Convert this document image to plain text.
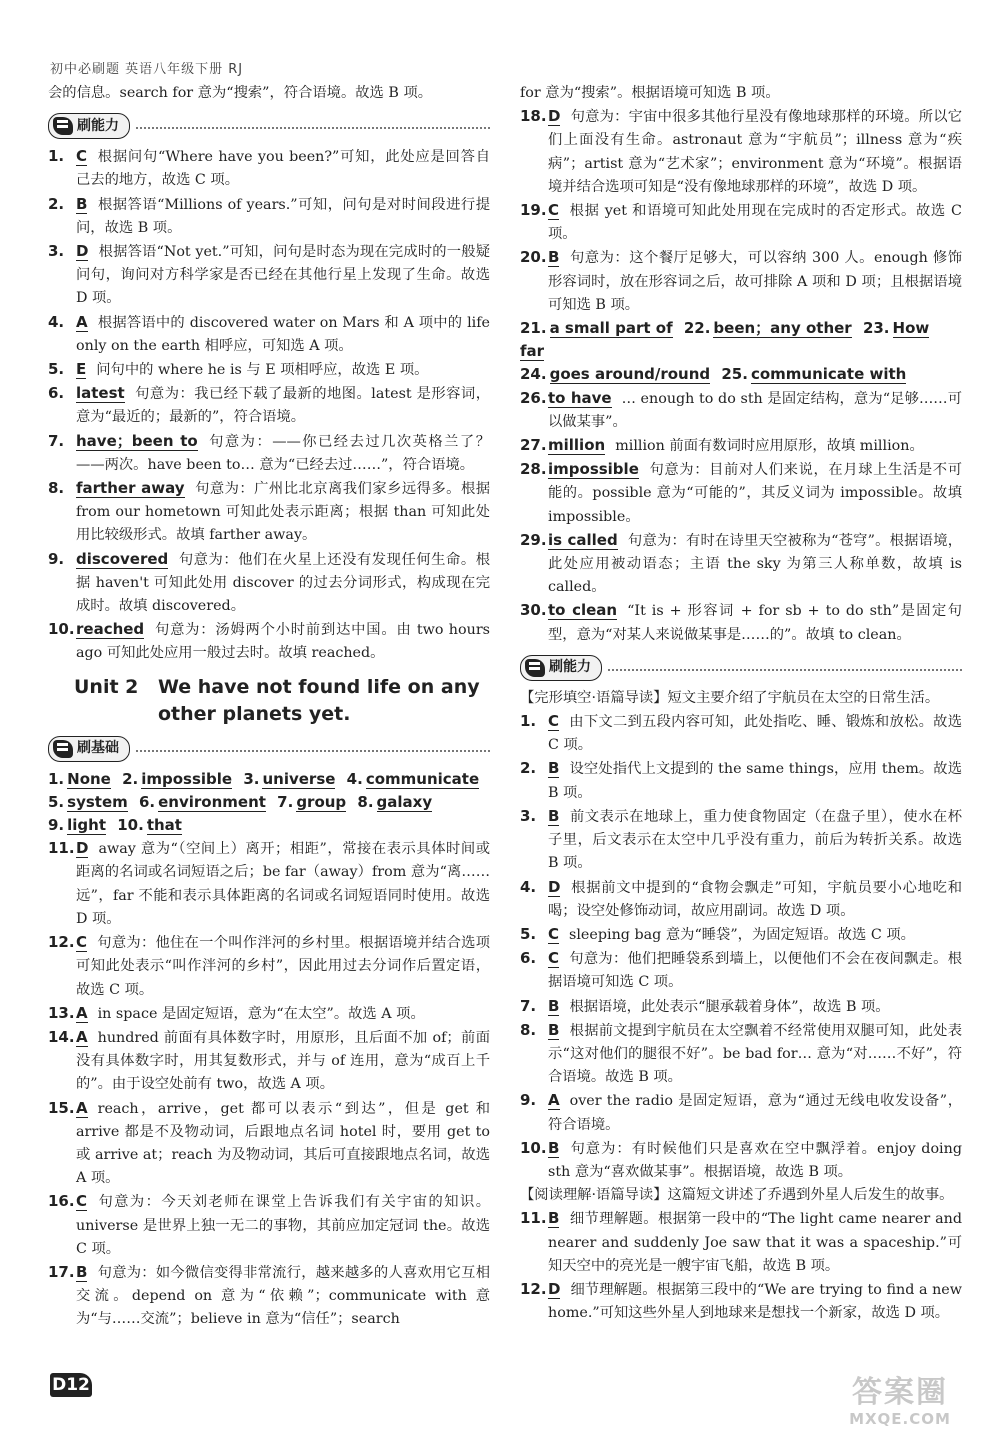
初中必刷题 英语八年级下册 RJ

会的信息。search for 意为“搜索”，符合语境。故选 B 项。

刷能力

1. C 根据问句“Where have you been?”可知，此处应是回答自己去的地方，故选 C 项。

2. B 根据答语“Millions of years.”可知，问句是对时间段进行提问，故选 B 项。

3. D 根据答语“Not yet.”可知，问句是时态为现在完成时的一般疑问句，询问对方科学家是否已经在其他行星上发现了生命。故选 D 项。

4. A 根据答语中的 discovered water on Mars 和 A 项中的 life only on the earth 相呼应，可知选 A 项。

5. E 问句中的 where he is 与 E 项相呼应，故选 E 项。

6. latest 句意为：我已经下载了最新的地图。latest 是形容词，意为“最近的；最新的”，符合语境。

7. have；been to 句意为：——你已经去过几次英格兰了？——两次。have been to… 意为“已经去过……”，符合语境。

8. farther away 句意为：广州比北京离我们家乡远得多。根据 from our hometown 可知此处表示距离；根据 than 可知此处用比较级形式。故填 farther away。

9. discovered 句意为：他们在火星上还没有发现任何生命。根据 haven't 可知此处用 discover 的过去分词形式，构成现在完成时。故填 discovered。

10. reached 句意为：汤姆两个小时前到达中国。由 two hours ago 可知此处应用一般过去时。故填 reached。

Unit 2 We have not found life on any other planets yet.
刷基础

1. None 2. impossible 3. universe 4. communicate

5. system 6. environment 7. group 8. galaxy

9. light 10. that

11. D away 意为“（空间上）离开；相距”，常接在表示具体时间或距离的名词或名词短语之后；be far（away）from 意为“离……远”，far 不能和表示具体距离的名词或名词短语同时使用。故选 D 项。

12. C 句意为：他住在一个叫作泮河的乡村里。根据语境并结合选项可知此处表示“叫作泮河的乡村”，因此用过去分词作后置定语，故选 C 项。

13. A in space 是固定短语，意为“在太空”。故选 A 项。

14. A hundred 前面有具体数字时，用原形，且后面不加 of；前面没有具体数字时，用其复数形式，并与 of 连用，意为“成百上千的”。由于设空处前有 two，故选 A 项。

15. A reach，arrive，get 都可以表示“到达”，但是 get 和 arrive 都是不及物动词，后跟地点名词 hotel 时，要用 get to 或 arrive at；reach 为及物动词，其后可直接跟地点名词，故选 A 项。

16. C 句意为：今天刘老师在课堂上告诉我们有关宇宙的知识。universe 是世界上独一无二的事物，其前应加定冠词 the。故选 C 项。

17. B 句意为：如今微信变得非常流行，越来越多的人喜欢用它互相交流。depend on 意为“依赖”；communicate with 意为“与……交流”；believe in 意为“信任”；search

for 意为“搜索”。根据语境可知选 B 项。

18. D 句意为：宇宙中很多其他行星没有像地球那样的环境。所以它们上面没有生命。astronaut 意为“宇航员”；illness 意为“疾病”；artist 意为“艺术家”；environment 意为“环境”。根据语境并结合选项可知是“没有像地球那样的环境”，故选 D 项。

19. C 根据 yet 和语境可知此处用现在完成时的否定形式。故选 C 项。

20. B 句意为：这个餐厅足够大，可以容纳 300 人。enough 修饰形容词时，放在形容词之后，故可排除 A 项和 D 项；且根据语境可知选 B 项。

21. a small part of 22. been；any other 23. How far

24. goes around/round 25. communicate with

26. to have … enough to do sth 是固定结构，意为“足够……可以做某事”。

27. million million 前面有数词时应用原形，故填 million。

28. impossible 句意为：目前对人们来说，在月球上生活是不可能的。possible 意为“可能的”，其反义词为 impossible。故填 impossible。

29. is called 句意为：有时在诗里天空被称为“苍穹”。根据语境，此处应用被动语态；主语 the sky 为第三人称单数，故填 is called。

30. to clean “It is + 形容词 + for sb + to do sth”是固定句型，意为“对某人来说做某事是……的”。故填 to clean。

刷能力

【完形填空·语篇导读】短文主要介绍了宇航员在太空的日常生活。

1. C 由下文二到五段内容可知，此处指吃、睡、锻炼和放松。故选 C 项。

2. B 设空处指代上文提到的 the same things，应用 them。故选 B 项。

3. B 前文表示在地球上，重力使食物固定（在盘子里），使水在杯子里，后文表示在太空中几乎没有重力，前后为转折关系。故选 B 项。

4. D 根据前文中提到的“食物会飘走”可知，宇航员要小心地吃和喝；设空处修饰动词，故应用副词。故选 D 项。

5. C sleeping bag 意为“睡袋”，为固定短语。故选 C 项。

6. C 句意为：他们把睡袋系到墙上，以便他们不会在夜间飘走。根据语境可知选 C 项。

7. B 根据语境，此处表示“腿承载着身体”，故选 B 项。

8. B 根据前文提到宇航员在太空飘着不经常使用双腿可知，此处表示“这对他们的腿很不好”。be bad for… 意为“对……不好”，符合语境。故选 B 项。

9. A over the radio 是固定短语，意为“通过无线电收发设备”，符合语境。

10. B 句意为：有时候他们只是喜欢在空中飘浮着。enjoy doing sth 意为“喜欢做某事”。根据语境，故选 B 项。

【阅读理解·语篇导读】这篇短文讲述了乔遇到外星人后发生的故事。

11. B 细节理解题。根据第一段中的“The light came nearer and nearer and suddenly Joe saw that it was a spaceship.”可知天空中的亮光是一艘宇宙飞船，故选 B 项。

12. D 细节理解题。根据第三段中的“We are trying to find a new home.”可知这些外星人到地球来是想找一个新家，故选 D 项。

D12	答案圈
MXQE.COM
